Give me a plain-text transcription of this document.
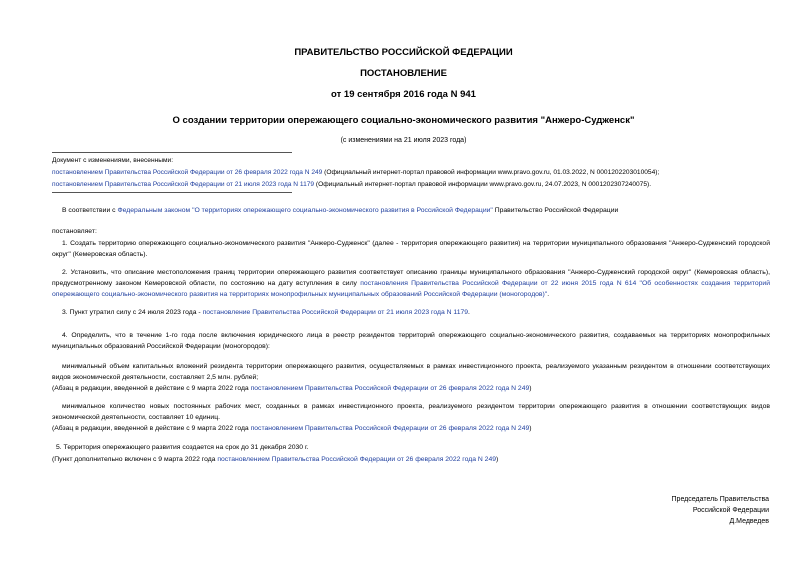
ПРАВИТЕЛЬСТВО РОССИЙСКОЙ ФЕДЕРАЦИИ
ПОСТАНОВЛЕНИЕ
от 19 сентября 2016 года N 941
О создании территории опережающего социально-экономического развития "Анжеро-Судженск"
(с изменениями на 21 июля 2023 года)
Документ с изменениями, внесенными:
постановлением Правительства Российской Федерации от 26 февраля 2022 года N 249 (Официальный интернет-портал правовой информации www.pravo.gov.ru, 01.03.2022, N 0001202203010054);
постановлением Правительства Российской Федерации от 21 июля 2023 года N 1179 (Официальный интернет-портал правовой информации www.pravo.gov.ru, 24.07.2023, N 0001202307240075).
В соответствии с Федеральным законом "О территориях опережающего социально-экономического развития в Российской Федерации" Правительство Российской Федерации
постановляет:
1. Создать территорию опережающего социально-экономического развития "Анжеро-Судженск" (далее - территория опережающего развития) на территории муниципального образования "Анжеро-Судженский городской округ" (Кемеровская область).
2. Установить, что описание местоположения границ территории опережающего развития соответствует описанию границы муниципального образования "Анжеро-Судженский городской округ" (Кемеровская область), предусмотренному законом Кемеровской области, по состоянию на дату вступления в силу постановления Правительства Российской Федерации от 22 июня 2015 года N 614 "Об особенностях создания территорий опережающего социально-экономического развития на территориях монопрофильных муниципальных образований Российской Федерации (моногородов)".
3. Пункт утратил силу с 24 июля 2023 года - постановление Правительства Российской Федерации от 21 июля 2023 года N 1179.
4. Определить, что в течение 1-го года после включения юридического лица в реестр резидентов территорий опережающего социально-экономического развития, создаваемых на территориях монопрофильных муниципальных образований Российской Федерации (моногородов):
минимальный объем капитальных вложений резидента территории опережающего развития, осуществляемых в рамках инвестиционного проекта, реализуемого указанным резидентом в отношении соответствующих видов экономической деятельности, составляет 2,5 млн. рублей;
(Абзац в редакции, введенной в действие с 9 марта 2022 года постановлением Правительства Российской Федерации от 26 февраля 2022 года N 249)
минимальное количество новых постоянных рабочих мест, созданных в рамках инвестиционного проекта, реализуемого резидентом территории опережающего развития в отношении соответствующих видов экономической деятельности, составляет 10 единиц.
(Абзац в редакции, введенной в действие с 9 марта 2022 года постановлением Правительства Российской Федерации от 26 февраля 2022 года N 249)
5. Территория опережающего развития создается на срок до 31 декабря 2030 г.
(Пункт дополнительно включен с 9 марта 2022 года постановлением Правительства Российской Федерации от 26 февраля 2022 года N 249)
Председатель Правительства
Российской Федерации
Д.Медведев
